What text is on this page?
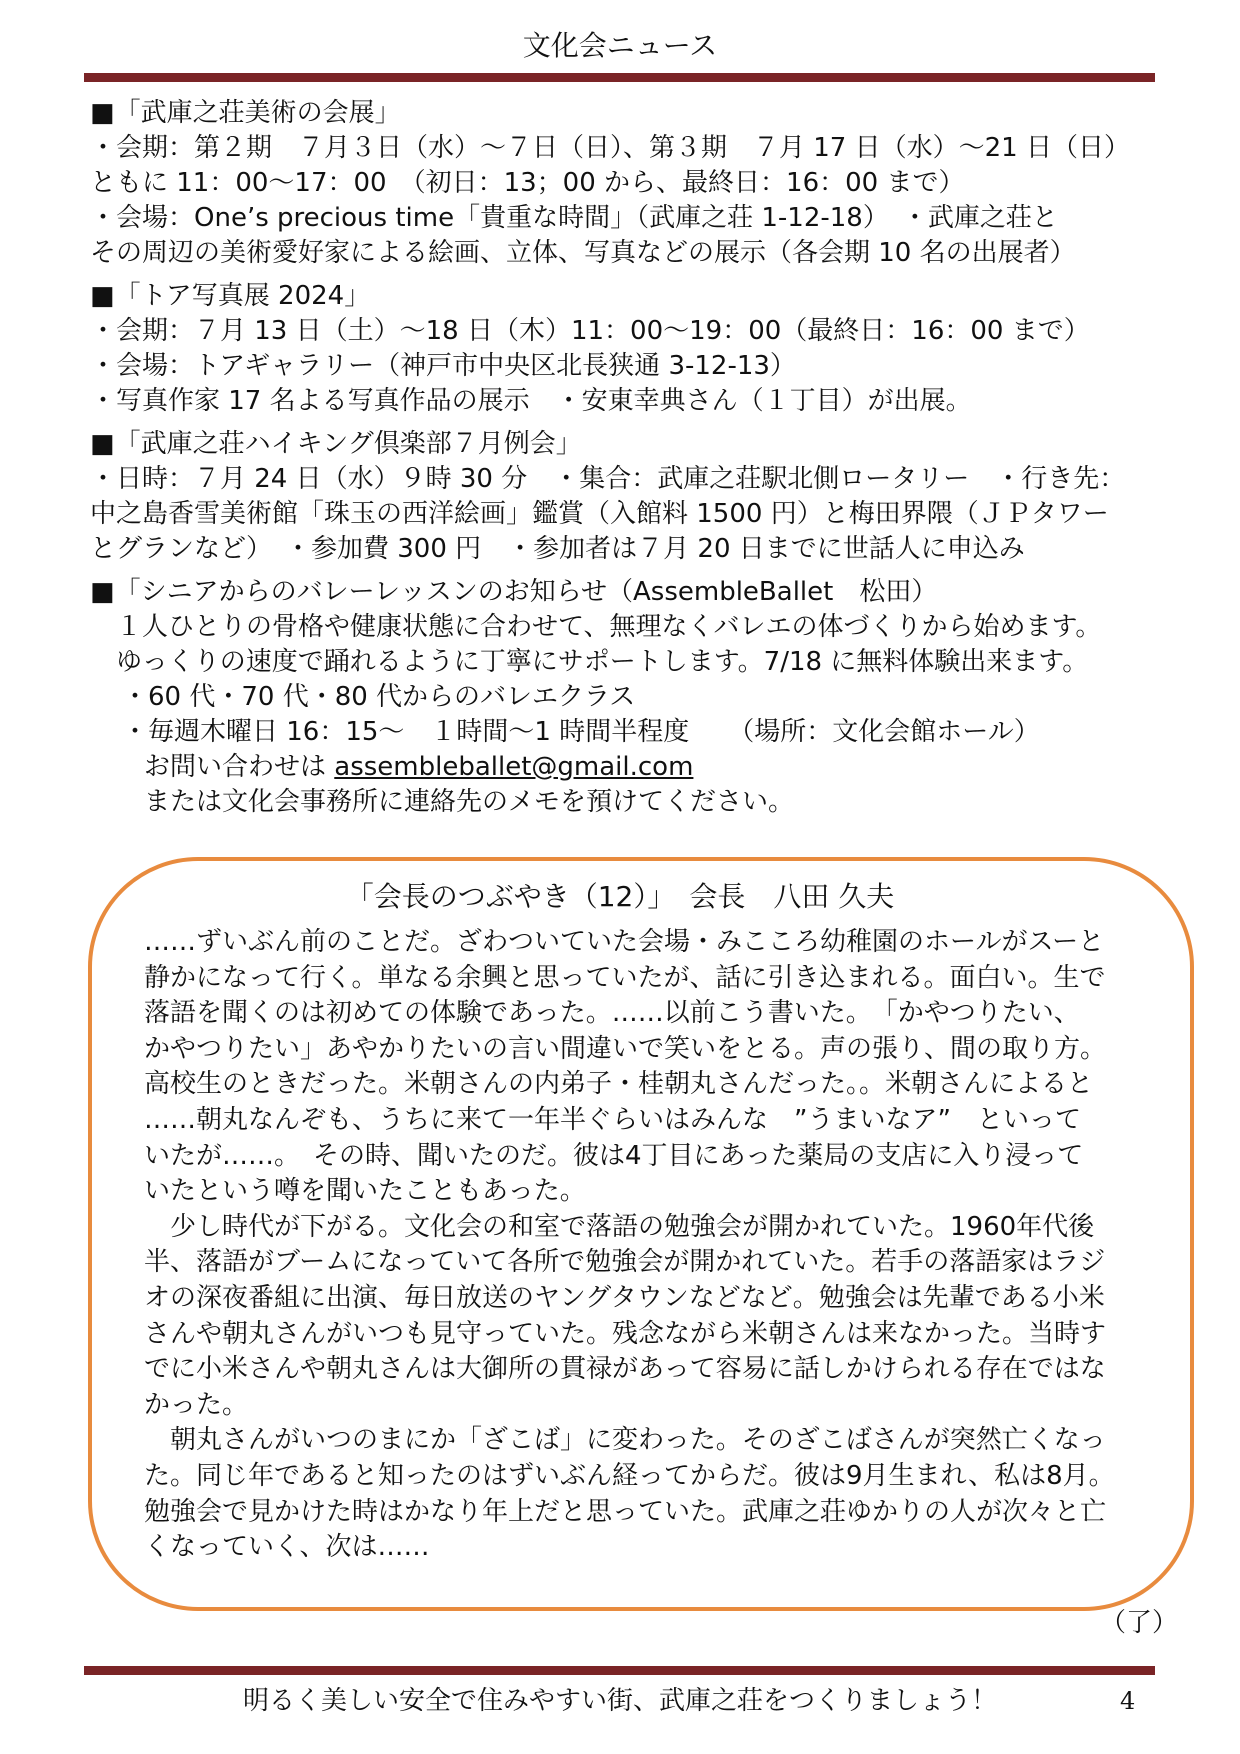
文化会ニュース
■「武庫之荘美術の会展」
・会期：第２期　７月３日（水）～７日（日）、第３期　７月 17 日（水）～21 日（日）
ともに 11：00～17：00　（初日：13；00 から、最終日：16：00 まで）
・会場：One’s precious time「貴重な時間」（武庫之荘 1-12-18）　・武庫之荘と
その周辺の美術愛好家による絵画、立体、写真などの展示（各会期 10 名の出展者）
■「トア写真展 2024」
・会期：７月 13 日（土）～18 日（木）11：00～19：00（最終日：16：00 まで）
・会場：トアギャラリー（神戸市中央区北長狭通 3-12-13）
・写真作家 17 名よる写真作品の展示　・安東幸典さん（１丁目）が出展。
■「武庫之荘ハイキング倶楽部７月例会」
・日時：７月 24 日（水）９時 30 分　・集合：武庫之荘駅北側ロータリー　・行き先：
中之島香雪美術館「珠玉の西洋絵画」鑑賞（入館料 1500 円）と梅田界隈（ＪＰタワー
とグランなど）　・参加費 300 円　・参加者は７月 20 日までに世話人に申込み
■「シニアからのバレーレッスンのお知らせ（AssembleBallet　松田）
１人ひとりの骨格や健康状態に合わせて、無理なくバレエの体づくりから始めます。
ゆっくりの速度で踊れるように丁寧にサポートします。7/18 に無料体験出来ます。
・60 代・70 代・80 代からのバレエクラス
・毎週木曜日 16：15～　１時間～1 時間半程度　　（場所：文化会館ホール）
お問い合わせは assembleballet@gmail.com
または文化会事務所に連絡先のメモを預けてください。
「会長のつぶやき（12）」　会長　八田 久夫
……ずいぶん前のことだ。ざわついていた会場・みこころ幼稚園のホールがスーと
静かになって行く。単なる余興と思っていたが、話に引き込まれる。面白い。生で
落語を聞くのは初めての体験であった。……以前こう書いた。　「かやつりたい、
かやつりたい」あやかりたいの言い間違いで笑いをとる。声の張り、間の取り方。
高校生のときだった。米朝さんの内弟子・桂朝丸さんだった。。米朝さんによると
……朝丸なんぞも、うちに来て一年半ぐらいはみんな　”うまいなア”　といって
いたが……。　その時、聞いたのだ。彼は4丁目にあった薬局の支店に入り浸って
いたという噂を聞いたこともあった。
　少し時代が下がる。文化会の和室で落語の勉強会が開かれていた。1960年代後
半、落語がブームになっていて各所で勉強会が開かれていた。若手の落語家はラジ
オの深夜番組に出演、毎日放送のヤングタウンなどなど。勉強会は先輩である小米
さんや朝丸さんがいつも見守っていた。残念ながら米朝さんは来なかった。当時す
でに小米さんや朝丸さんは大御所の貫禄があって容易に話しかけられる存在ではな
かった。
　朝丸さんがいつのまにか「ざこば」に変わった。そのざこばさんが突然亡くなっ
た。同じ年であると知ったのはずいぶん経ってからだ。彼は9月生まれ、私は8月。
勉強会で見かけた時はかなり年上だと思っていた。武庫之荘ゆかりの人が次々と亡
くなっていく、次は……
（了）
明るく美しい安全で住みやすい街、武庫之荘をつくりましょう！	4
